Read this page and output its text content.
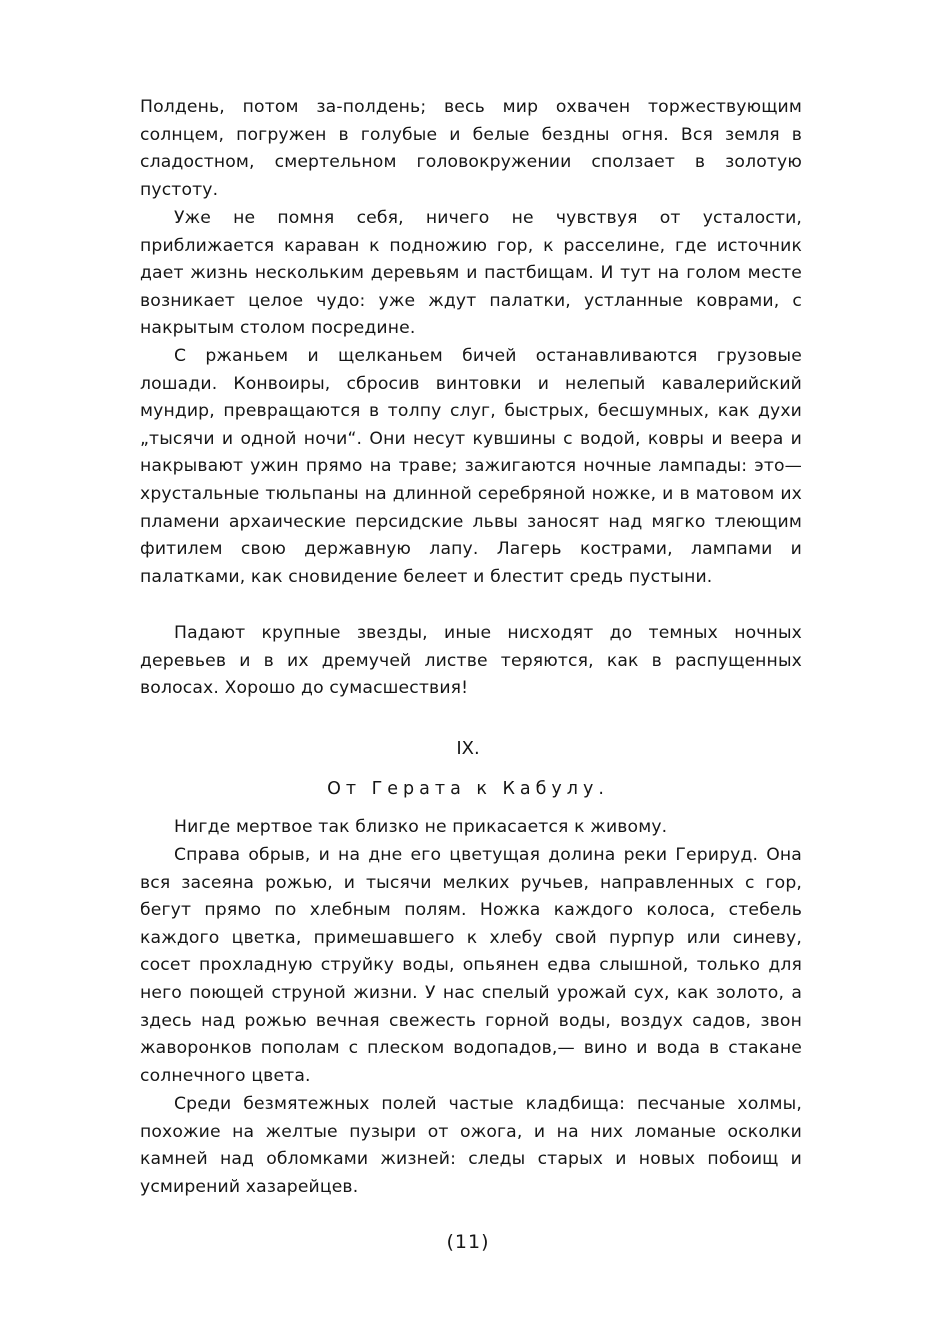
Полдень, потом за-полдень; весь мир охвачен торжествующим солнцем, погружен в голубые и белые бездны огня. Вся земля в сладостном, смертельном головокружении сползает в золотую пустоту.

Уже не помня себя, ничего не чувствуя от усталости, приближается караван к подножию гор, к расселине, где источник дает жизнь нескольким деревьям и пастбищам. И тут на голом месте возникает целое чудо: уже ждут палатки, устланные коврами, с накрытым столом посредине.

С ржаньем и щелканьем бичей останавливаются грузовые лошади. Конвоиры, сбросив винтовки и нелепый кавалерийский мундир, превращаются в толпу слуг, быстрых, бесшумных, как духи „тысячи и одной ночи“. Они несут кувшины с водой, ковры и веера и накрывают ужин прямо на траве; зажигаются ночные лампады: это—хрустальные тюльпаны на длинной серебряной ножке, и в матовом их пламени архаические персидские львы заносят над мягко тлеющим фитилем свою державную лапу. Лагерь кострами, лампами и палатками, как сновидение белеет и блестит средь пустыни.

Падают крупные звезды, иные нисходят до темных ночных деревьев и в их дремучей листве теряются, как в распущенных волосах. Хорошо до сумасшествия!

IX.
От Герата к Кабулу.

Нигде мертвое так близко не прикасается к живому.

Справа обрыв, и на дне его цветущая долина реки Герируд. Она вся засеяна рожью, и тысячи мелких ручьев, направленных с гор, бегут прямо по хлебным полям. Ножка каждого колоса, стебель каждого цветка, примешавшего к хлебу свой пурпур или синеву, сосет прохладную струйку воды, опьянен едва слышной, только для него поющей струной жизни. У нас спелый урожай сух, как золото, а здесь над рожью вечная свежесть горной воды, воздух садов, звон жаворонков пополам с плеском водопадов,— вино и вода в стакане солнечного цвета.

Среди безмятежных полей частые кладбища: песчаные холмы, похожие на желтые пузыри от ожога, и на них ломаные осколки камней над обломками жизней: следы старых и новых побоищ и усмирений хазарейцев.

(11)
